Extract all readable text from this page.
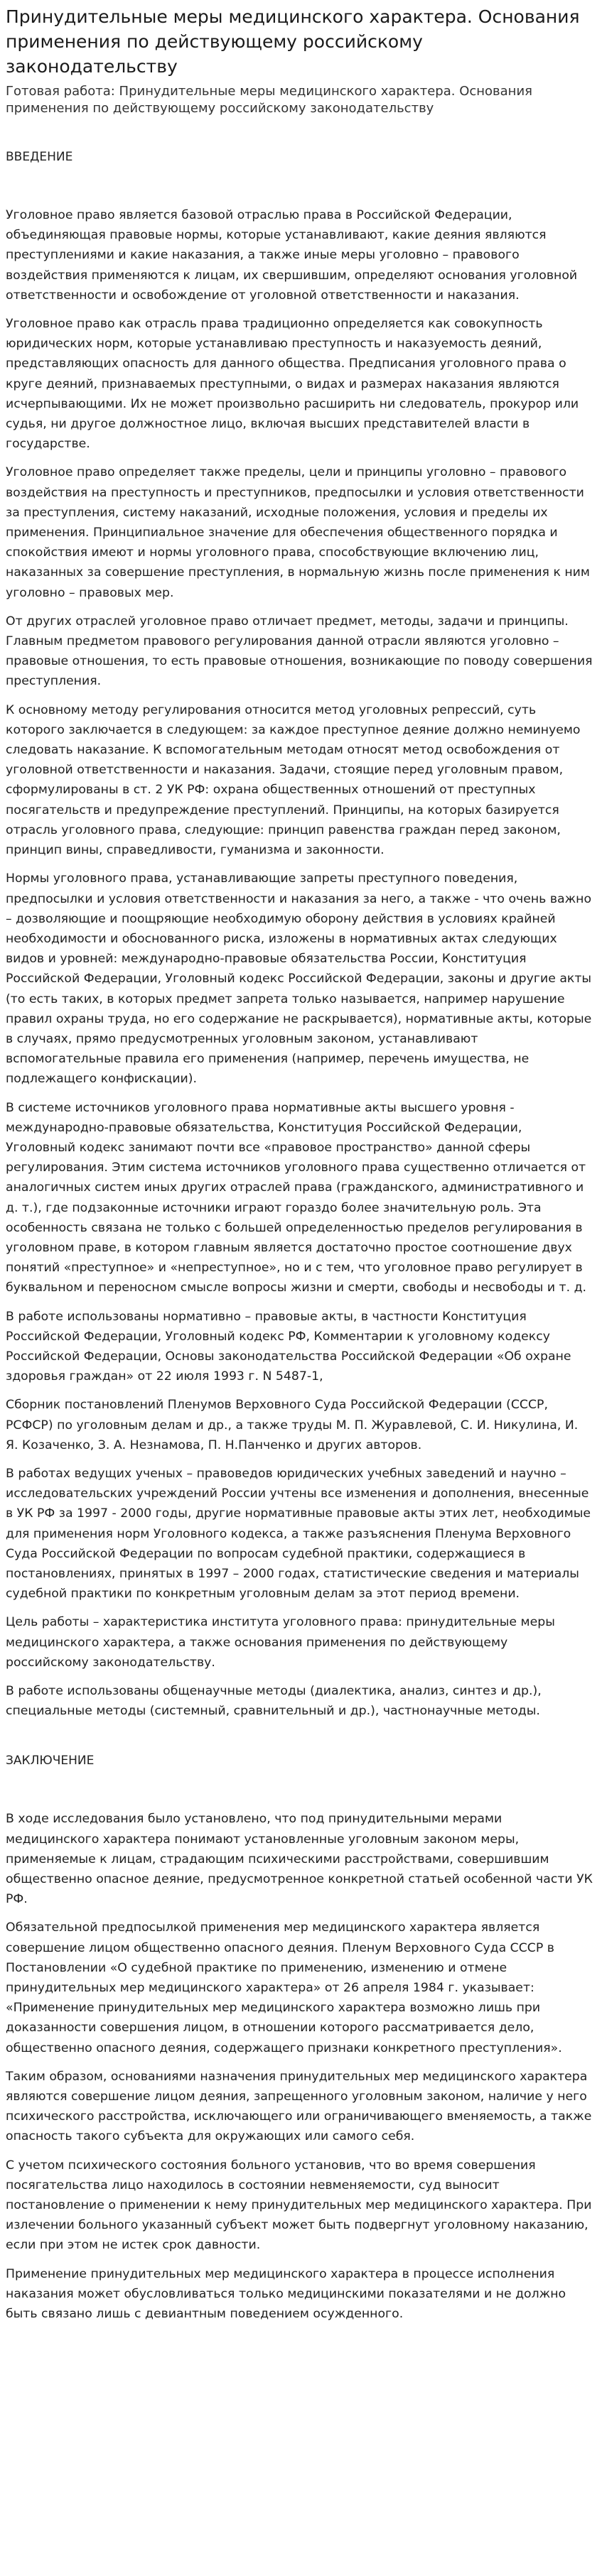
Принудительные меры медицинского характера. Основания применения по действующему российскому законодательству

Готовая работа: Принудительные меры медицинского характера. Основания применения по действующему российскому законодательству

ВВЕДЕНИЕ

Уголовное право является базовой отраслью права в Российской Федерации, объединяющая правовые нормы, которые устанавливают, какие деяния являются преступлениями и какие наказания, а также иные меры уголовно – правового воздействия применяются к лицам, их свершившим, определяют основания уголовной ответственности и освобождение от уголовной ответственности и наказания.

Уголовное право как отрасль права традиционно определяется как совокупность юридических норм, которые устанавливаю преступность и наказуемость деяний, представляющих опасность для данного общества. Предписания уголовного права о круге деяний, признаваемых преступными, о видах и размерах наказания являются исчерпывающими. Их не может произвольно расширить ни следователь, прокурор или судья, ни другое должностное лицо, включая высших представителей власти в государстве.

Уголовное право определяет также пределы, цели и принципы уголовно – правового воздействия на преступность и преступников, предпосылки и условия ответственности за преступления, систему наказаний, исходные положения, условия и пределы их применения. Принципиальное значение для обеспечения общественного порядка и спокойствия имеют и нормы уголовного права, способствующие включению лиц, наказанных за совершение преступления, в нормальную жизнь после применения к ним уголовно – правовых мер.

От других отраслей уголовное право отличает предмет, методы, задачи и принципы. Главным предметом правового регулирования данной отрасли являются уголовно – правовые отношения, то есть правовые отношения, возникающие по поводу совершения преступления.

К основному методу регулирования относится метод уголовных репрессий, суть которого заключается в следующем: за каждое преступное деяние должно неминуемо следовать наказание. К вспомогательным методам относят метод освобождения от уголовной ответственности и наказания. Задачи, стоящие перед уголовным правом, сформулированы в ст. 2 УК РФ: охрана общественных отношений от преступных посягательств и предупреждение преступлений. Принципы, на которых базируется отрасль уголовного права, следующие: принцип равенства граждан перед законом, принцип вины, справедливости, гуманизма и законности.

Нормы уголовного права, устанавливающие запреты преступного поведения, предпосылки и условия ответственности и наказания за него, а также - что очень важно – дозволяющие и поощряющие необходимую оборону действия в условиях крайней необходимости и обоснованного риска, изложены в нормативных актах следующих видов и уровней: международно-правовые обязательства России, Конституция Российской Федерации, Уголовный кодекс Российской Федерации, законы и другие акты (то есть таких, в которых предмет запрета только называется, например нарушение правил охраны труда, но его содержание не раскрывается), нормативные акты, которые в случаях, прямо предусмотренных уголовным законом, устанавливают вспомогательные правила его применения (например, перечень имущества, не подлежащего конфискации).

В системе источников уголовного права нормативные акты высшего уровня - международно-правовые обязательства, Конституция Российской Федерации, Уголовный кодекс занимают почти все «правовое пространство» данной сферы регулирования. Этим система источников уголовного права существенно отличается от аналогичных систем иных других отраслей права (гражданского, административного и д. т.), где подзаконные источники играют гораздо более значительную роль. Эта особенность связана не только с большей определенностью пределов регулирования в уголовном праве, в котором главным является достаточно простое соотношение двух понятий «преступное» и «непреступное», но и с тем, что уголовное право регулирует в буквальном и переносном смысле вопросы жизни и смерти, свободы и несвободы и т. д.

В работе использованы нормативно – правовые акты, в частности Конституция Российской Федерации, Уголовный кодекс РФ, Комментарии к уголовному кодексу Российской Федерации, Основы законодательства Российской Федерации «Об охране здоровья граждан» от 22 июля 1993 г. N 5487-1,

Сборник постановлений Пленумов Верховного Суда Российской Федерации (СССР, РСФСР) по уголовным делам и др., а также труды М. П. Журавлевой, С. И. Никулина, И. Я. Козаченко, З. А. Незнамова, П. Н.Панченко и других авторов.

В работах ведущих ученых – правоведов юридических учебных заведений и научно – исследовательских учреждений России учтены все изменения и дополнения, внесенные в УК РФ за 1997 - 2000 годы, другие нормативные правовые акты этих лет, необходимые для применения норм Уголовного кодекса, а также разъяснения Пленума Верховного Суда Российской Федерации по вопросам судебной практики, содержащиеся в постановлениях, принятых в 1997 – 2000 годах, статистические сведения и материалы судебной практики по конкретным уголовным делам за этот период времени.

Цель работы – характеристика института уголовного права: принудительные меры медицинского характера, а также основания применения по действующему российскому законодательству.

В работе использованы общенаучные методы (диалектика, анализ, синтез и др.), специальные методы (системный, сравнительный и др.), частнонаучные методы.

ЗАКЛЮЧЕНИЕ

В ходе исследования было установлено, что под принудительными мерами медицинского характера понимают установленные уголовным законом меры, применяемые к лицам, страдающим психическими расстройствами, совершившим общественно опасное деяние, предусмотренное конкретной статьей особенной части УК РФ.

Обязательной предпосылкой применения мер медицинского характера является совершение лицом общественно опасного деяния. Пленум Верховного Суда СССР в Постановлении «О судебной практике по применению, изменению и отмене принудительных мер медицинского характера» от 26 апреля 1984 г. указывает: «Применение принудительных мер медицинского характера возможно лишь при доказанности совершения лицом, в отношении которого рассматривается дело, общественно опасного деяния, содержащего признаки конкретного преступления».

Таким образом, основаниями назначения принудительных мер медицинского характера являются совершение лицом деяния, запрещенного уголовным законом, наличие у него психического расстройства, исключающего или ограничивающего вменяемость, а также опасность такого субъекта для окружающих или самого себя.

С учетом психического состояния больного установив, что во время совершения посягательства лицо находилось в состоянии невменяемости, суд выносит постановление о применении к нему принудительных мер медицинского характера. При излечении больного указанный субъект может быть подвергнут уголовному наказанию, если при этом не истек срок давности.

Применение принудительных мер медицинского характера в процессе исполнения наказания может обусловливаться только медицинскими показателями и не должно быть связано лишь с девиантным поведением осужденного.
